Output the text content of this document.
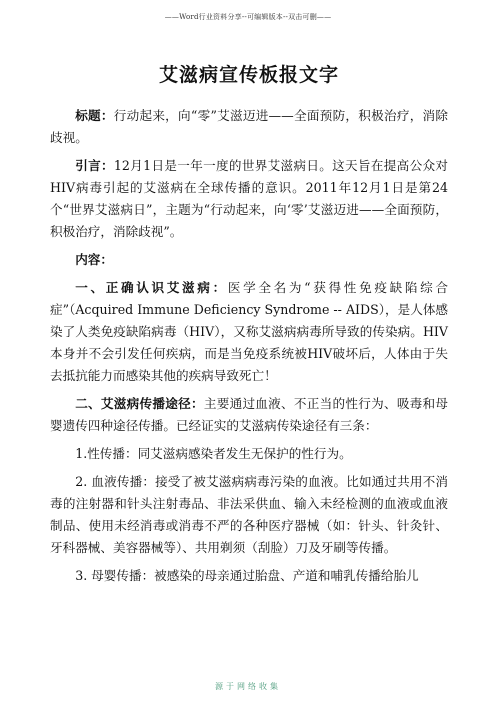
——Word行业资料分享--可编辑版本--双击可删——
艾滋病宣传板报文字

标题：行动起来，向“零”艾滋迈进——全面预防，积极治疗，消除歧视。

引言：12月1日是一年一度的世界艾滋病日。这天旨在提高公众对HIV病毒引起的艾滋病在全球传播的意识。2011年12月1日是第24个“世界艾滋病日”，主题为“行动起来，向‘零’艾滋迈进——全面预防，积极治疗，消除歧视”。

内容：

一、正确认识艾滋病：医学全名为“获得性免疫缺陷综合症”（Acquired Immune Deficiency Syndrome -- AIDS），是人体感染了人类免疫缺陷病毒（HIV），又称艾滋病病毒所导致的传染病。HIV本身并不会引发任何疾病，而是当免疫系统被HIV破坏后，人体由于失去抵抗能力而感染其他的疾病导致死亡！

二、艾滋病传播途径：主要通过血液、不正当的性行为、吸毒和母婴遗传四种途径传播。已经证实的艾滋病传染途径有三条：

1.性传播：同艾滋病感染者发生无保护的性行为。

2. 血液传播：接受了被艾滋病病毒污染的血液。比如通过共用不消毒的注射器和针头注射毒品、非法采供血、输入未经检测的血液或血液制品、使用未经消毒或消毒不严的各种医疗器械（如：针头、针灸针、牙科器械、美容器械等）、共用剃须（刮脸）刀及牙刷等传播。

3. 母婴传播：被感染的母亲通过胎盘、产道和哺乳传播给胎儿

源于网络收集
